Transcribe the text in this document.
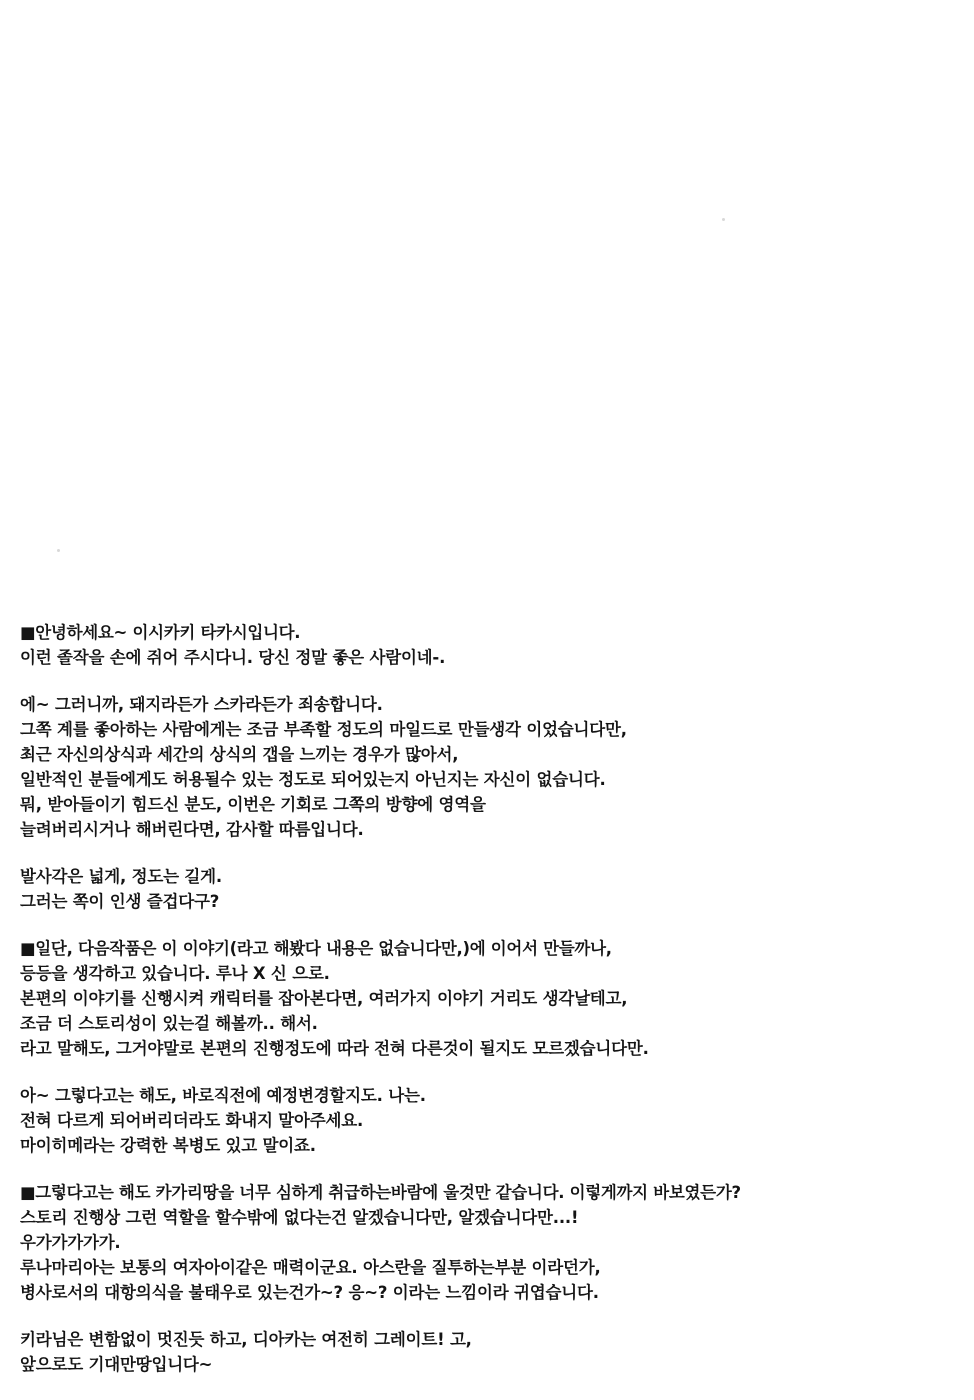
■안녕하세요~ 이시카키 타카시입니다.
이런 졸작을 손에 쥐어 주시다니. 당신 정말 좋은 사람이네-.
에~ 그러니까, 돼지라든가 스카라든가 죄송합니다.
그쪽 계를 좋아하는 사람에게는 조금 부족할 정도의 마일드로 만들생각 이었습니다만,
최근 자신의상식과 세간의 상식의 갭을 느끼는 경우가 많아서,
일반적인 분들에게도 허용될수 있는 정도로 되어있는지 아닌지는 자신이 없습니다.
뭐, 받아들이기 힘드신 분도, 이번은 기회로 그쪽의 방향에 영역을
늘려버리시거나 해버린다면, 감사할 따름입니다.
발사각은 넓게, 정도는 길게.
그러는 쪽이 인생 즐겁다구?
■일단, 다음작품은 이 이야기(라고 해봤다 내용은 없습니다만,)에 이어서 만들까나,
등등을 생각하고 있습니다. 루나 X 신 으로.
본편의 이야기를 신행시켜 캐릭터를 잡아본다면, 여러가지 이야기 거리도 생각날테고,
조금 더 스토리성이 있는걸 해볼까.. 해서.
라고 말해도, 그거야말로 본편의 진행정도에 따라 전혀 다른것이 될지도 모르겠습니다만.
아~ 그렇다고는 해도, 바로직전에 예정변경할지도. 나는.
전혀 다르게 되어버리더라도 화내지 말아주세요.
마이히메라는 강력한 복병도 있고 말이죠.
■그렇다고는 해도 카가리땅을 너무 심하게 취급하는바람에 울것만 같습니다. 이렇게까지 바보였든가?
스토리 진행상 그런 역할을 할수밖에 없다는건 알겠습니다만, 알겠습니다만...!
우가가가가가.
루나마리아는 보통의 여자아이같은 매력이군요. 아스란을 질투하는부분 이라던가,
병사로서의 대항의식을 불태우로 있는건가~? 응~? 이라는 느낌이라 귀엽습니다.
키라님은 변함없이 멋진듯 하고, 디아카는 여전히 그레이트! 고,
앞으로도 기대만땅입니다~
